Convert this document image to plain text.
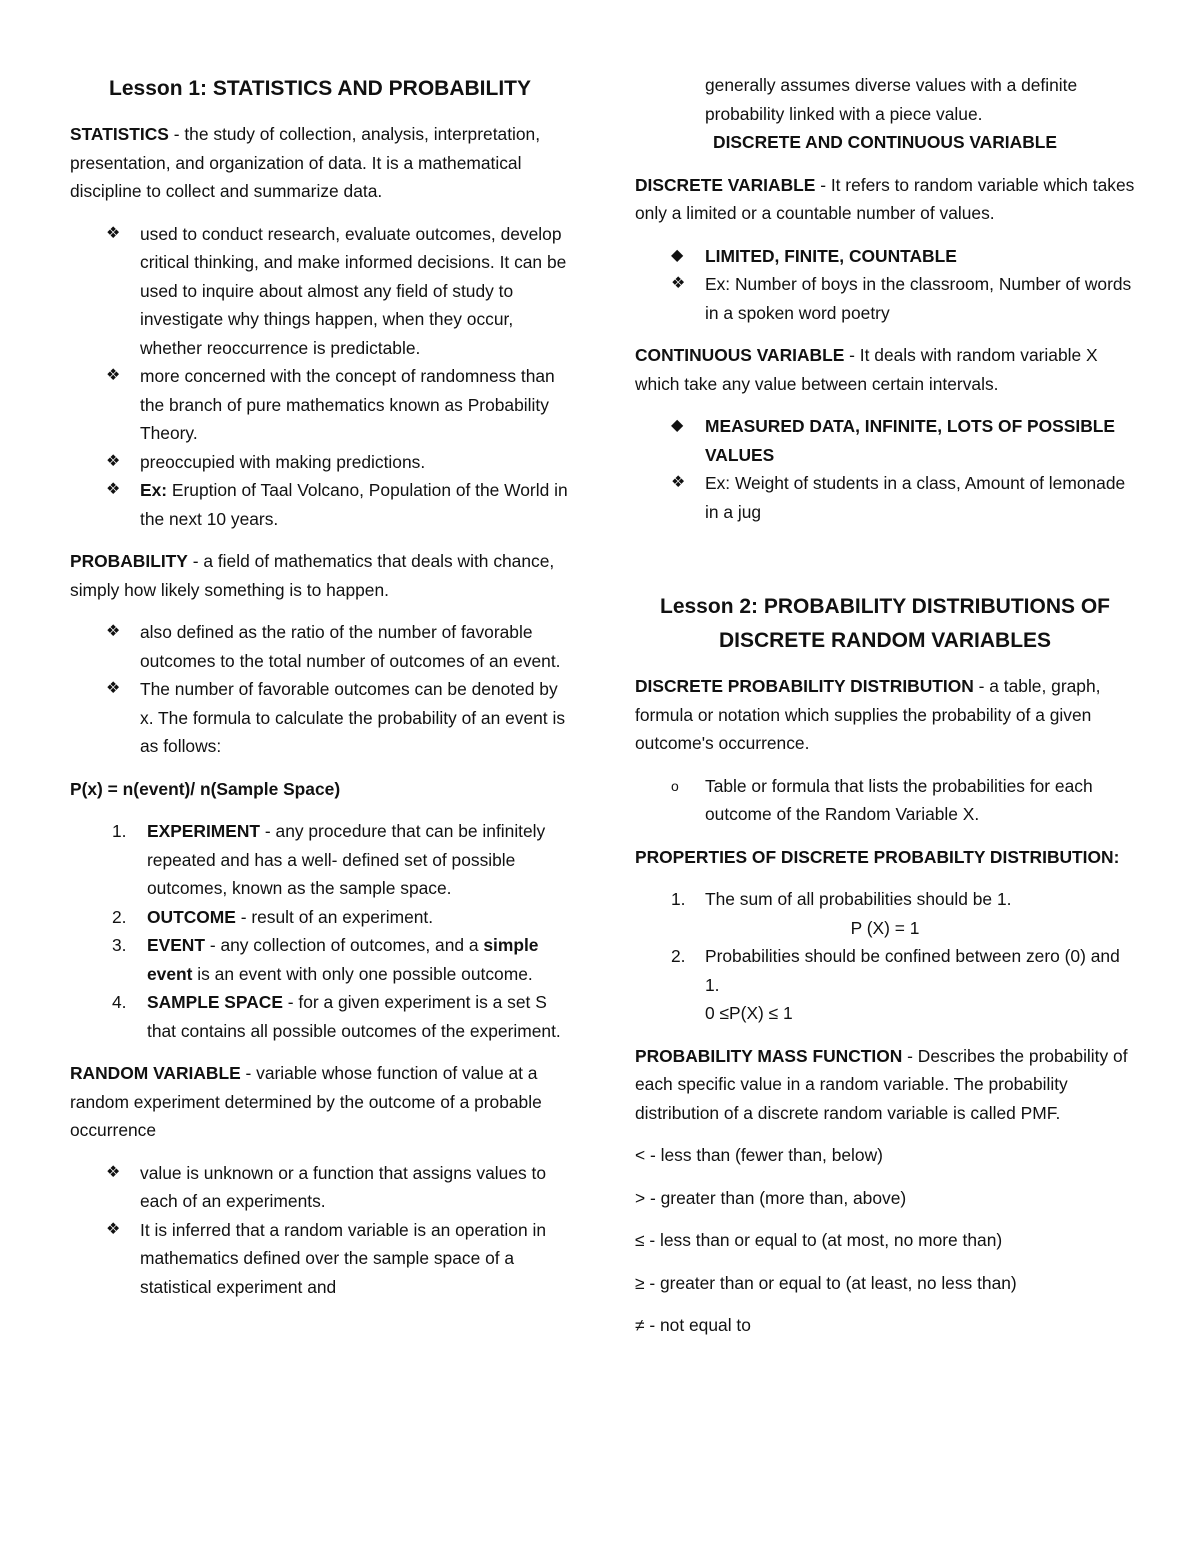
Lesson 1: STATISTICS AND PROBABILITY

STATISTICS - the study of collection, analysis, interpretation, presentation, and organization of data. It is a mathematical discipline to collect and summarize data.

❖ used to conduct research, evaluate outcomes, develop critical thinking, and make informed decisions. It can be used to inquire about almost any field of study to investigate why things happen, when they occur, whether reoccurrence is predictable.
❖ more concerned with the concept of randomness than the branch of pure mathematics known as Probability Theory.
❖ preoccupied with making predictions.
❖ Ex: Eruption of Taal Volcano, Population of the World in the next 10 years.

PROBABILITY - a field of mathematics that deals with chance, simply how likely something is to happen.

❖ also defined as the ratio of the number of favorable outcomes to the total number of outcomes of an event.
❖ The number of favorable outcomes can be denoted by x. The formula to calculate the probability of an event is as follows:

P(x) = n(event)/ n(Sample Space)

1. EXPERIMENT - any procedure that can be infinitely repeated and has a well- defined set of possible outcomes, known as the sample space.
2. OUTCOME - result of an experiment.
3. EVENT - any collection of outcomes, and a simple event is an event with only one possible outcome.
4. SAMPLE SPACE - for a given experiment is a set S that contains all possible outcomes of the experiment.

RANDOM VARIABLE - variable whose function of value at a random experiment determined by the outcome of a probable occurrence

❖ value is unknown or a function that assigns values to each of an experiments.
❖ It is inferred that a random variable is an operation in mathematics defined over the sample space of a statistical experiment and

generally assumes diverse values with a definite probability linked with a piece value.

DISCRETE AND CONTINUOUS VARIABLE

DISCRETE VARIABLE - It refers to random variable which takes only a limited or a countable number of values.

◆ LIMITED, FINITE, COUNTABLE
❖ Ex: Number of boys in the classroom, Number of words in a spoken word poetry

CONTINUOUS VARIABLE - It deals with random variable X which take any value between certain intervals.

◆ MEASURED DATA, INFINITE, LOTS OF POSSIBLE VALUES
❖ Ex: Weight of students in a class, Amount of lemonade in a jug
Lesson 2: PROBABILITY DISTRIBUTIONS OF
DISCRETE RANDOM VARIABLES

DISCRETE PROBABILITY DISTRIBUTION - a table, graph, formula or notation which supplies the probability of a given outcome's occurrence.

o Table or formula that lists the probabilities for each outcome of the Random Variable X.

PROPERTIES OF DISCRETE PROBABILTY DISTRIBUTION:

1. The sum of all probabilities should be 1.
P (X) = 1
2. Probabilities should be confined between zero (0) and 1.
0 ≤P(X) ≤ 1

PROBABILITY MASS FUNCTION - Describes the probability of each specific value in a random variable. The probability distribution of a discrete random variable is called PMF.

< - less than (fewer than, below)

> - greater than (more than, above)

≤ - less than or equal to (at most, no more than)

≥ - greater than or equal to (at least, no less than)

≠ - not equal to
